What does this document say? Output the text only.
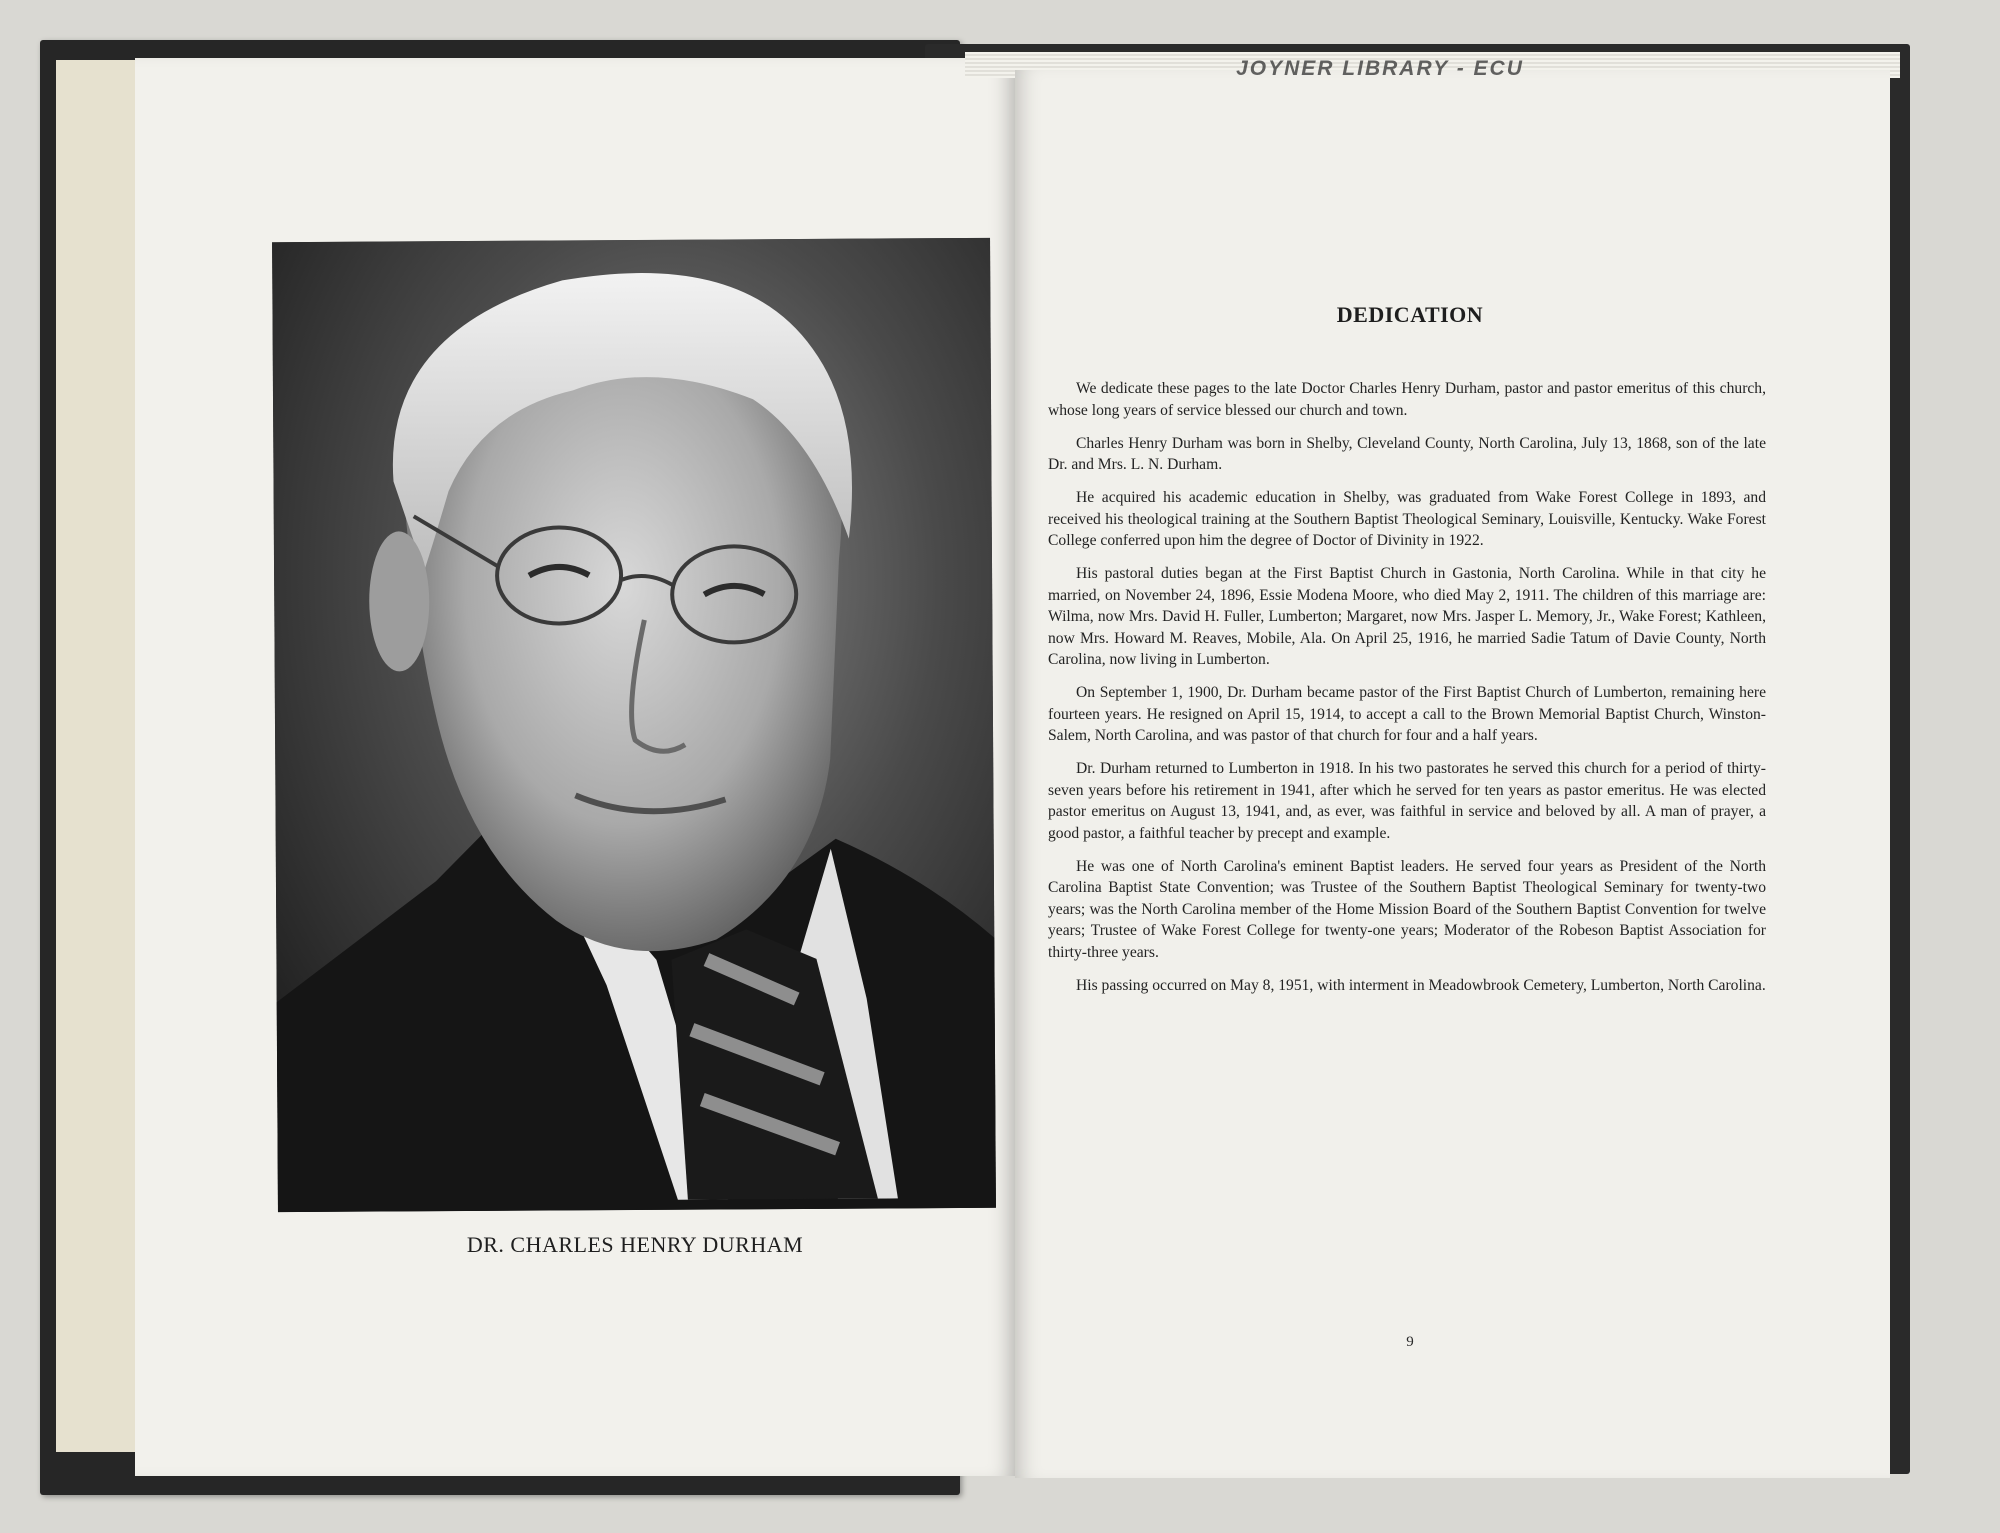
JOYNER LIBRARY - ECU
DR. CHARLES HENRY DURHAM
DEDICATION

We dedicate these pages to the late Doctor Charles Henry Durham, pastor and pastor emeritus of this church, whose long years of service blessed our church and town.

Charles Henry Durham was born in Shelby, Cleveland County, North Carolina, July 13, 1868, son of the late Dr. and Mrs. L. N. Durham.

He acquired his academic education in Shelby, was graduated from Wake Forest College in 1893, and received his theological training at the Southern Baptist Theological Seminary, Louisville, Kentucky. Wake Forest College conferred upon him the degree of Doctor of Divinity in 1922.

His pastoral duties began at the First Baptist Church in Gastonia, North Carolina. While in that city he married, on November 24, 1896, Essie Modena Moore, who died May 2, 1911. The children of this marriage are: Wilma, now Mrs. David H. Fuller, Lumberton; Margaret, now Mrs. Jasper L. Memory, Jr., Wake Forest; Kathleen, now Mrs. Howard M. Reaves, Mobile, Ala. On April 25, 1916, he married Sadie Tatum of Davie County, North Carolina, now living in Lumberton.

On September 1, 1900, Dr. Durham became pastor of the First Baptist Church of Lumberton, remaining here fourteen years. He resigned on April 15, 1914, to accept a call to the Brown Memorial Baptist Church, Winston-Salem, North Carolina, and was pastor of that church for four and a half years.

Dr. Durham returned to Lumberton in 1918. In his two pastorates he served this church for a period of thirty-seven years before his retirement in 1941, after which he served for ten years as pastor emeritus. He was elected pastor emeritus on August 13, 1941, and, as ever, was faithful in service and beloved by all. A man of prayer, a good pastor, a faithful teacher by precept and example.

He was one of North Carolina's eminent Baptist leaders. He served four years as President of the North Carolina Baptist State Convention; was Trustee of the Southern Baptist Theological Seminary for twenty-two years; was the North Carolina member of the Home Mission Board of the Southern Baptist Convention for twelve years; Trustee of Wake Forest College for twenty-one years; Moderator of the Robeson Baptist Association for thirty-three years.

His passing occurred on May 8, 1951, with interment in Meadowbrook Cemetery, Lumberton, North Carolina.

9
